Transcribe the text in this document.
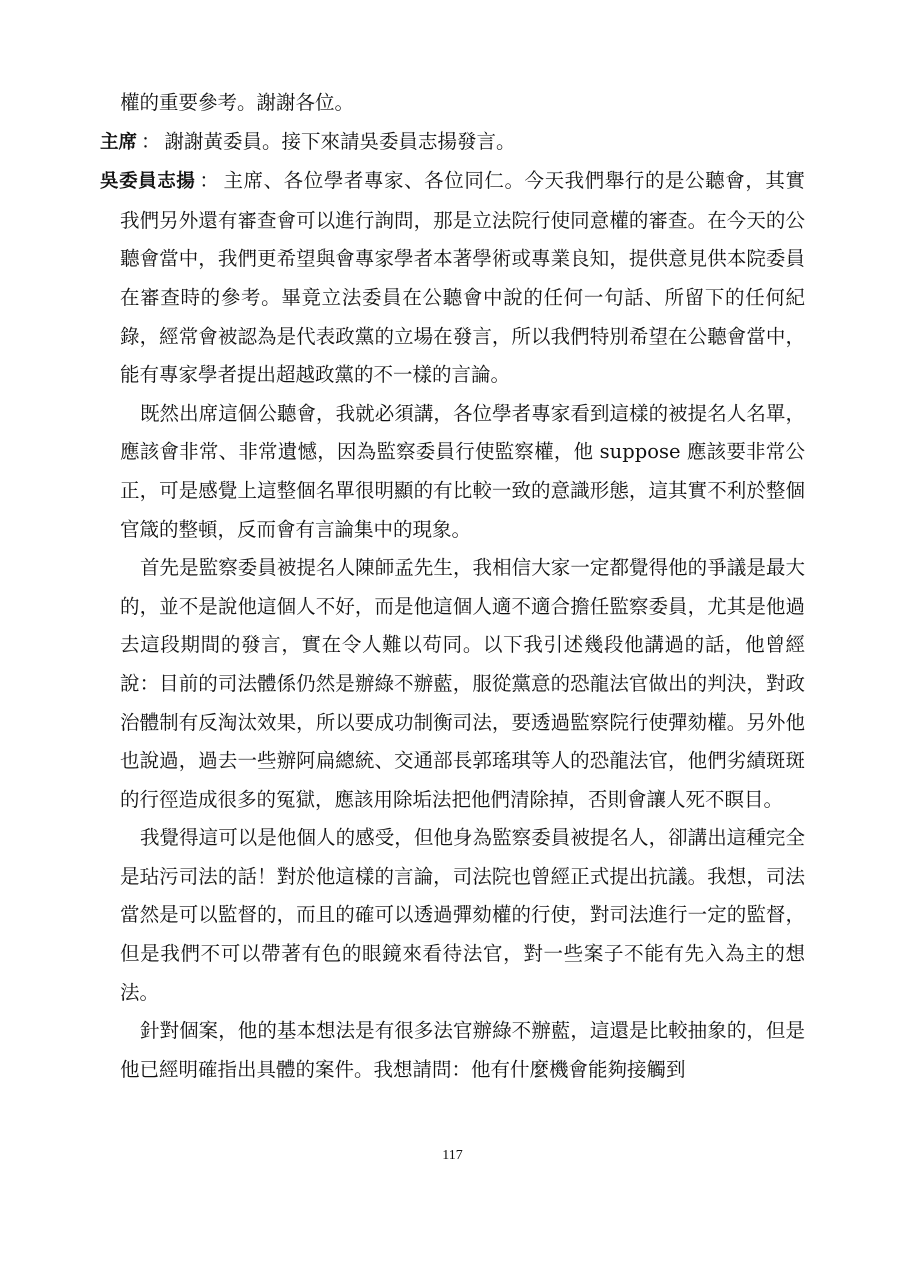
權的重要參考。謝謝各位。

主席 ： 謝謝黃委員。接下來請吳委員志揚發言。

吳委員志揚 ： 主席、各位學者專家、各位同仁。今天我們舉行的是公聽會，其實我們另外還有審查會可以進行詢問，那是立法院行使同意權的審查。在今天的公聽會當中，我們更希望與會專家學者本著學術或專業良知，提供意見供本院委員在審查時的參考。畢竟立法委員在公聽會中說的任何一句話、所留下的任何紀錄，經常會被認為是代表政黨的立場在發言，所以我們特別希望在公聽會當中，能有專家學者提出超越政黨的不一樣的言論。

既然出席這個公聽會，我就必須講，各位學者專家看到這樣的被提名人名單，應該會非常、非常遺憾，因為監察委員行使監察權，他 suppose 應該要非常公正，可是感覺上這整個名單很明顯的有比較一致的意識形態，這其實不利於整個官箴的整頓，反而會有言論集中的現象。

首先是監察委員被提名人陳師孟先生，我相信大家一定都覺得他的爭議是最大的，並不是說他這個人不好，而是他這個人適不適合擔任監察委員，尤其是他過去這段期間的發言，實在令人難以苟同。以下我引述幾段他講過的話，他曾經說：目前的司法體係仍然是辦綠不辦藍，服從黨意的恐龍法官做出的判決，對政治體制有反淘汰效果，所以要成功制衡司法，要透過監察院行使彈劾權。另外他也說過，過去一些辦阿扁總統、交通部長郭瑤琪等人的恐龍法官，他們劣績斑斑的行徑造成很多的冤獄，應該用除垢法把他們清除掉，否則會讓人死不瞑目。

我覺得這可以是他個人的感受，但他身為監察委員被提名人，卻講出這種完全是玷污司法的話！對於他這樣的言論，司法院也曾經正式提出抗議。我想，司法當然是可以監督的，而且的確可以透過彈劾權的行使，對司法進行一定的監督，但是我們不可以帶著有色的眼鏡來看待法官，對一些案子不能有先入為主的想法。

針對個案，他的基本想法是有很多法官辦綠不辦藍，這還是比較抽象的，但是他已經明確指出具體的案件。我想請問：他有什麼機會能夠接觸到

117
